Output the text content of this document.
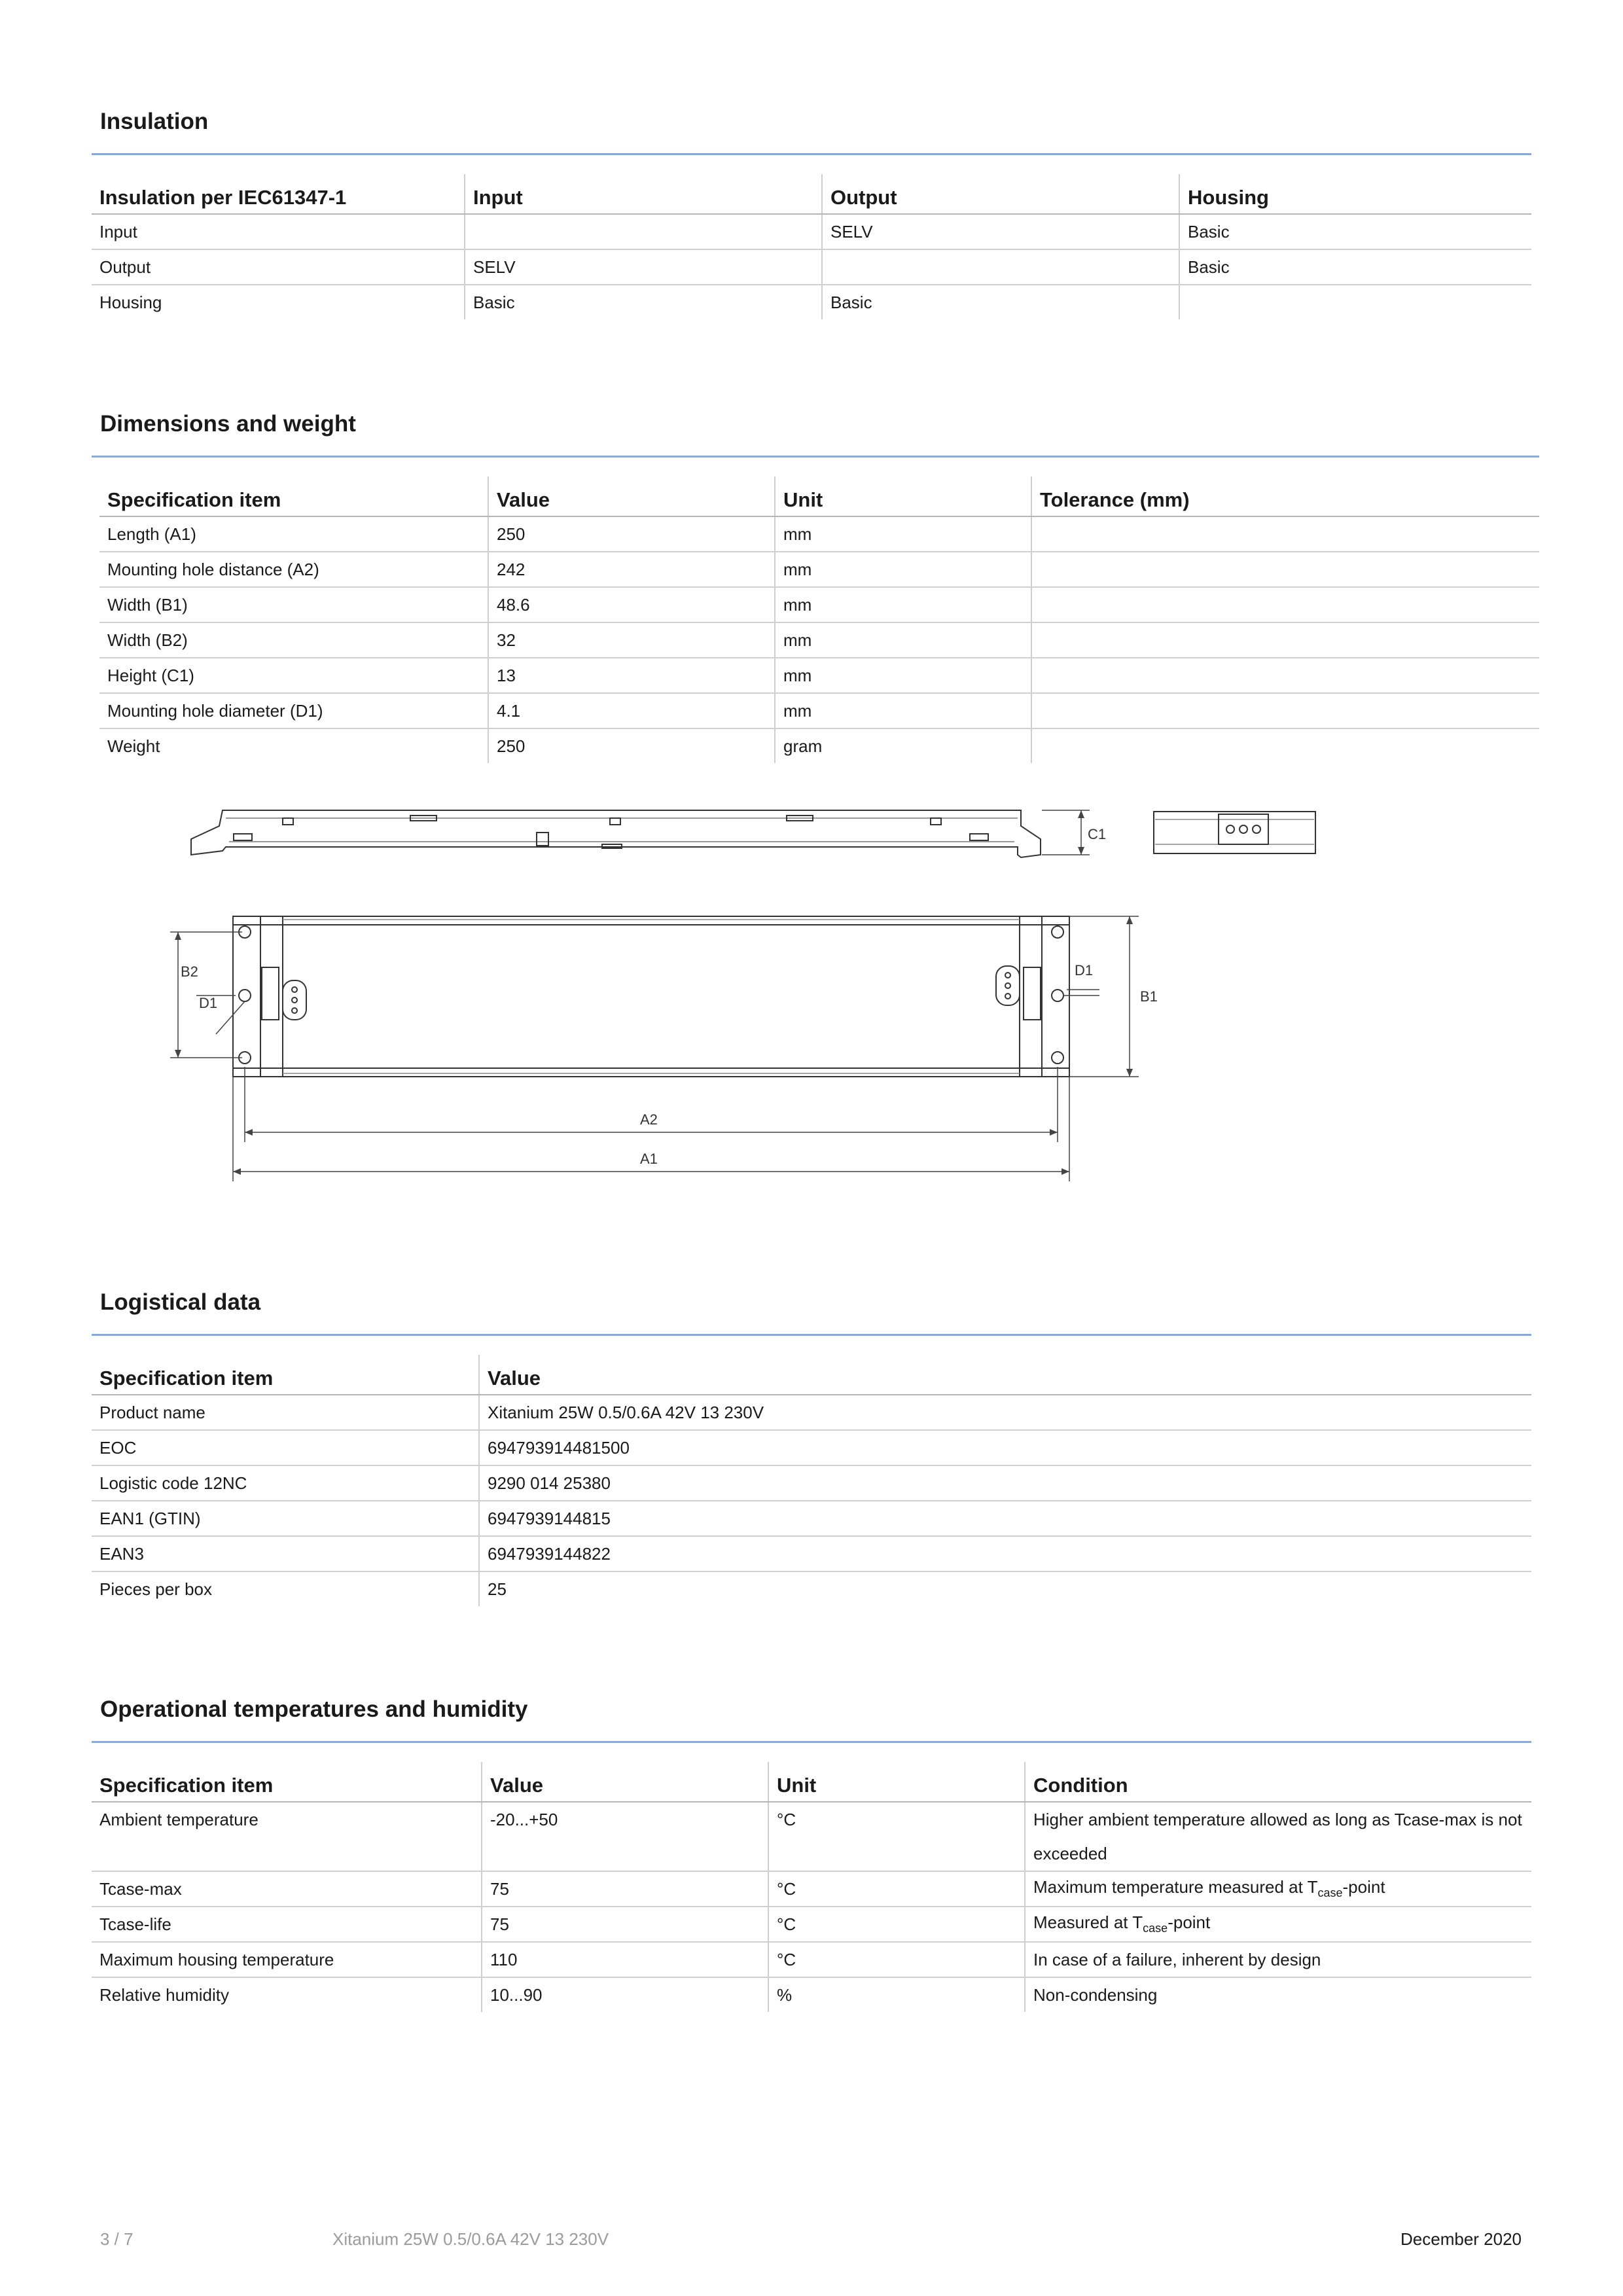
Insulation
Insulation per IEC61347-1	Input	Output	Housing
Input		SELV	Basic
Output	SELV		Basic
Housing	Basic	Basic	
Dimensions and weight
Specification item	Value	Unit	Tolerance (mm)
Length (A1)	250	mm	
Mounting hole distance (A2)	242	mm	
Width (B1)	48.6	mm	
Width (B2)	32	mm	
Height (C1)	13	mm	
Mounting hole diameter (D1)	4.1	mm	
Weight	250	gram	
C1
B1
B2
D1
D1
A2
A1
Logistical data
Specification item	Value
Product name	Xitanium 25W 0.5/0.6A 42V 13 230V
EOC	694793914481500
Logistic code 12NC	9290 014 25380
EAN1 (GTIN)	6947939144815
EAN3	6947939144822
Pieces per box	25
Operational temperatures and humidity
Specification item	Value	Unit	Condition
Ambient temperature	-20...+50	°C	Higher ambient temperature allowed as long as Tcase-max is not exceeded
Tcase-max	75	°C	Maximum temperature measured at $T_{case}$-point
Tcase-life	75	°C	Measured at $T_{case}$-point
Maximum housing temperature	110	°C	In case of a failure, inherent by design
Relative humidity	10...90	%	Non-condensing
3 / 7	Xitanium 25W 0.5/0.6A 42V 13 230V	December 2020
